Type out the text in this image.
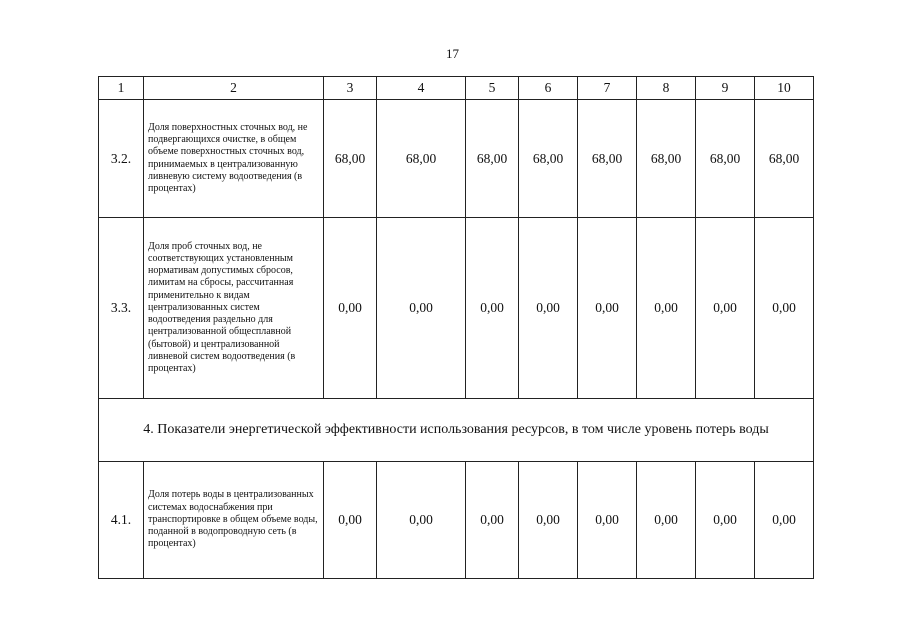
17
1	2	3	4	5	6	7	8	9	10
3.2.	Доля поверхностных сточных вод, не подвергающихся очистке, в общем объеме поверхностных сточных вод, принимаемых в централизованную ливневую систему водоотведения (в процентах)	68,00	68,00	68,00	68,00	68,00	68,00	68,00	68,00
3.3.	Доля проб сточных вод, не соответствующих установленным нормативам допустимых сбросов, лимитам на сбросы, рассчитанная применительно к видам централизованных систем водоотведения раздельно для централизованной общесплавной (бытовой) и централизованной ливневой систем водоотведения (в процентах)	0,00	0,00	0,00	0,00	0,00	0,00	0,00	0,00
4. Показатели энергетической эффективности использования ресурсов, в том числе уровень потерь воды									
4.1.	Доля потерь воды в централизованных системах водоснабжения при транспортировке в общем объеме воды, поданной в водопроводную сеть (в процентах)	0,00	0,00	0,00	0,00	0,00	0,00	0,00	0,00
